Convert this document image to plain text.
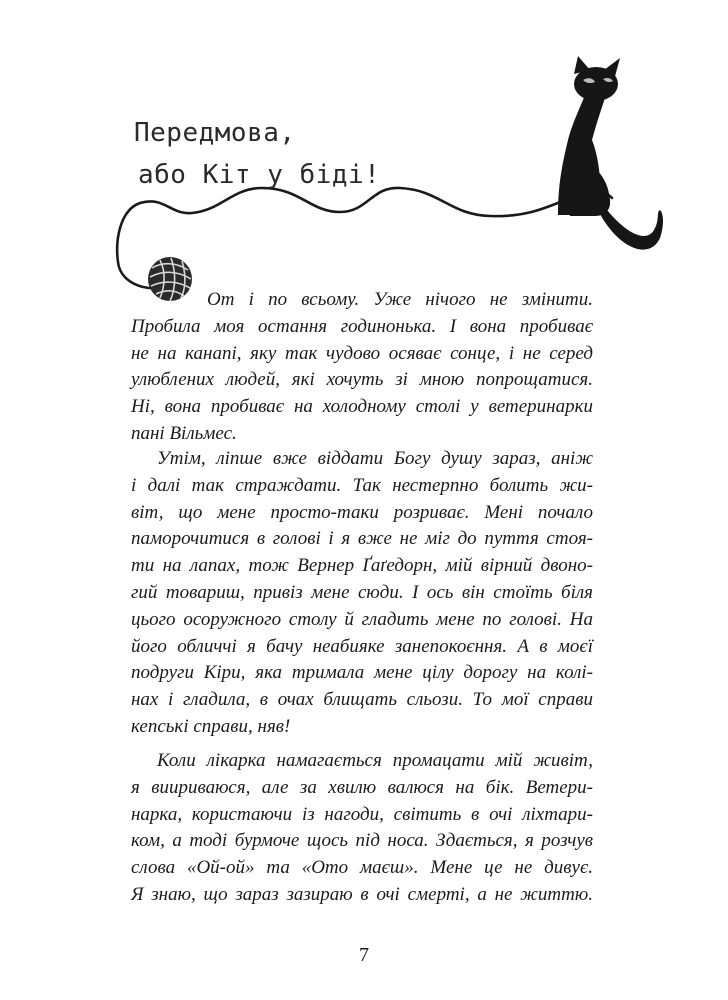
Передмова,
або Кіт у біді!
От і по всьому. Уже нічого не змінити.
Пробила моя остання годинонька. І вона пробиває
не на канапі, яку так чудово осяває сонце, і не серед
улюблених людей, які хочуть зі мною попрощатися.
Ні, вона пробиває на холодному столі у ветеринарки
пані Вільмес.
Утім, ліпше вже віддати Богу душу зараз, аніж
і далі так страждати. Так нестерпно болить жи-
віт, що мене просто-таки розриває. Мені почало
паморочитися в голові і я вже не міг до пуття стоя-
ти на лапах, тож Вернер Ґаґедорн, мій вірний двоно-
гий товариш, привіз мене сюди. І ось він стоїть біля
цього осоружного столу й гладить мене по голові. На
його обличчі я бачу неабияке занепокоєння. А в моєї
подруги Кіри, яка тримала мене цілу дорогу на колі-
нах і гладила, в очах блищать сльози. То мої справи
кепські справи, няв!
Коли лікарка намагається промацати мій живіт,
я виириваюся, але за хвилю валюся на бік. Ветери-
нарка, користаючи із нагоди, світить в очі ліхтари-
ком, а тоді бурмоче щось під носа. Здається, я розчув
слова «Ой-ой» та «Ото маєш». Мене це не дивує.
Я знаю, що зараз зазираю в очі смерті, а не життю.
7
